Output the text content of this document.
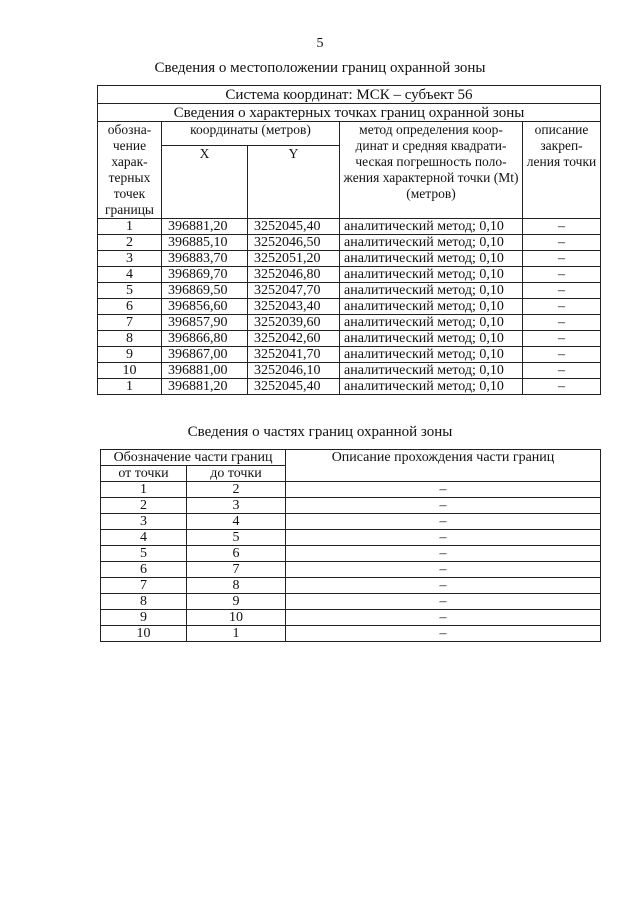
5
Сведения о местоположении границ охранной зоны
Система координат: МСК – субъект 56				
Сведения о характерных точках границ охранной зоны				
обозна-чение харак-терных точек границы	координаты (метров)		метод определения коор-динат и средняя квадрати-ческая погрешность поло-жения характерной точки (Mt) (метров)	описание закреп-ления точки
	X	Y		
1	396881,20	3252045,40	аналитический метод; 0,10	–
2	396885,10	3252046,50	аналитический метод; 0,10	–
3	396883,70	3252051,20	аналитический метод; 0,10	–
4	396869,70	3252046,80	аналитический метод; 0,10	–
5	396869,50	3252047,70	аналитический метод; 0,10	–
6	396856,60	3252043,40	аналитический метод; 0,10	–
7	396857,90	3252039,60	аналитический метод; 0,10	–
8	396866,80	3252042,60	аналитический метод; 0,10	–
9	396867,00	3252041,70	аналитический метод; 0,10	–
10	396881,00	3252046,10	аналитический метод; 0,10	–
1	396881,20	3252045,40	аналитический метод; 0,10	–
Сведения о частях границ охранной зоны
Обозначение части границ		Описание прохождения части границ
от точки	до точки	
1	2	–
2	3	–
3	4	–
4	5	–
5	6	–
6	7	–
7	8	–
8	9	–
9	10	–
10	1	–
